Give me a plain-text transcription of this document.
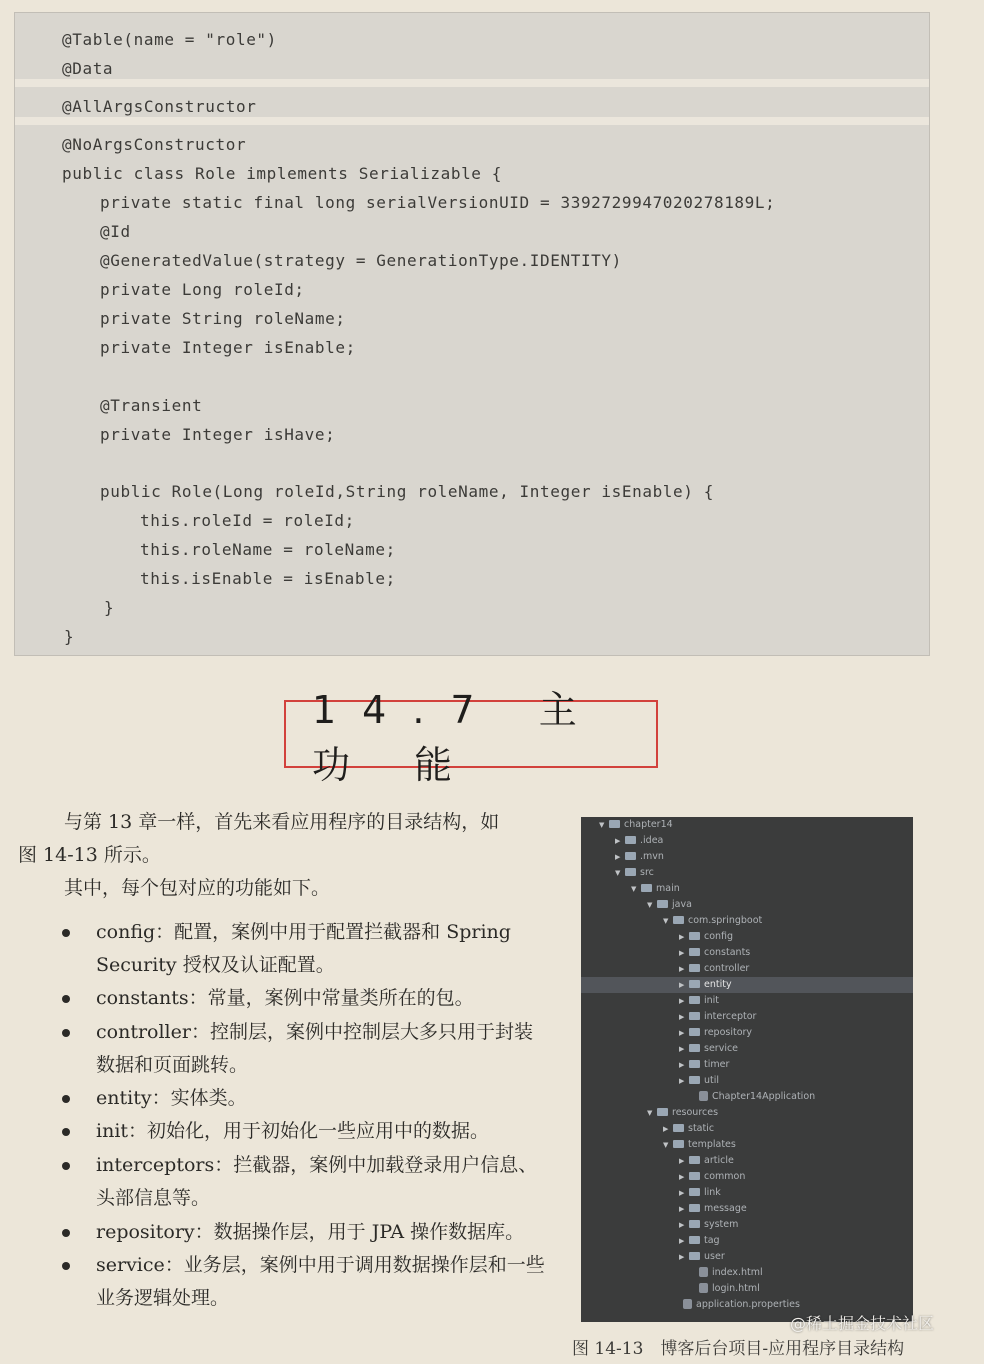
@Table(name = "role")
@Data
@AllArgsConstructor
@NoArgsConstructor
public class Role implements Serializable {
private static final long serialVersionUID = 3392729947020278189L;
@Id
@GeneratedValue(strategy = GenerationType.IDENTITY)
private Long roleId;
private String roleName;
private Integer isEnable;
@Transient
private Integer isHave;
public Role(Long roleId,String roleName, Integer isEnable) {
this.roleId = roleId;
this.roleName = roleName;
this.isEnable = isEnable;
}
}
14.7 主 功 能
与第 13 章一样，首先来看应用程序的目录结构，如
图 14-13 所示。
其中，每个包对应的功能如下。
config：配置，案例中用于配置拦截器和 Spring Security 授权及认证配置。
constants：常量，案例中常量类所在的包。
controller：控制层，案例中控制层大多只用于封装数据和页面跳转。
entity：实体类。
init：初始化，用于初始化一些应用中的数据。
interceptors：拦截器，案例中加载登录用户信息、头部信息等。
repository：数据操作层，用于 JPA 操作数据库。
service：业务层，案例中用于调用数据操作层和一些业务逻辑处理。
▼ chapter14
▶ .idea
▶ .mvn
▼ src
▼ main
▼ java
▼ com.springboot
▶ config
▶ constants
▶ controller
▶ entity
▶ init
▶ interceptor
▶ repository
▶ service
▶ timer
▶ util
Chapter14Application
▼ resources
▶ static
▼ templates
▶ article
▶ common
▶ link
▶ message
▶ system
▶ tag
▶ user
index.html
login.html
application.properties
@稀土掘金技术社区
图 14-13　博客后台项目-应用程序目录结构
